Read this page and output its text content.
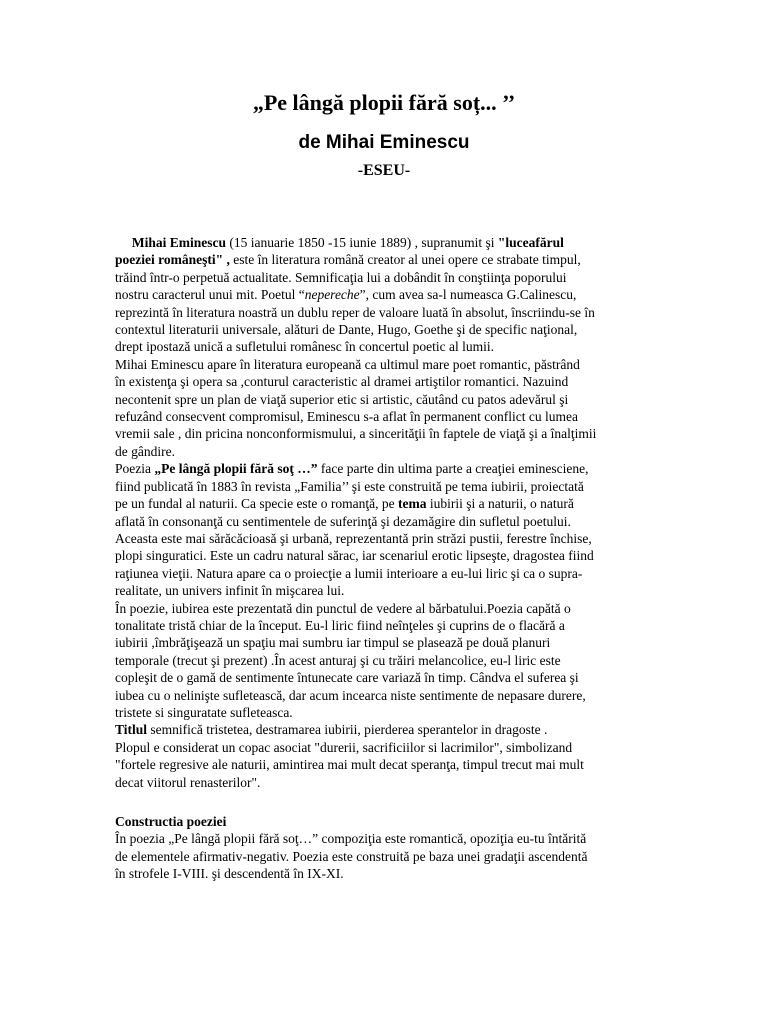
„Pe lângă plopii fără soț... ’’
de Mihai Eminescu
-ESEU-

Mihai Eminescu (15 ianuarie 1850 -15 iunie 1889) , supranumit şi "luceafărul

poeziei româneşti" , este în literatura română creator al unei opere ce strabate timpul,

trăind într-o perpetuă actualitate. Semnificaţia lui a dobândit în conştiinţa poporului

nostru caracterul unui mit. Poetul “nepereche”, cum avea sa-l numeasca G.Calinescu,

reprezintă în literatura noastră un dublu reper de valoare luată în absolut, înscriindu-se în

contextul literaturii universale, alături de Dante, Hugo, Goethe şi de specific naţional,

drept ipostază unică a sufletului românesc în concertul poetic al lumii.

Mihai Eminescu apare în literatura europeană ca ultimul mare poet romantic, păstrând

în existenţa şi opera sa ,conturul caracteristic al dramei artiştilor romantici. Nazuind

necontenit spre un plan de viaţă superior etic si artistic, căutând cu patos adevărul şi

refuzând consecvent compromisul, Eminescu s-a aflat în permanent conflict cu lumea

vremii sale , din pricina nonconformismului, a sincerităţii în faptele de viaţă şi a înalţimii

de gândire.

Poezia „Pe lângă plopii fără soţ …” face parte din ultima parte a creaţiei eminesciene,

fiind publicată în 1883 în revista „Familia’’ şi este construită pe tema iubirii, proiectată

pe un fundal al naturii. Ca specie este o romanţă, pe tema iubirii şi a naturii, o natură

aflată în consonanţă cu sentimentele de suferinţă şi dezamăgire din sufletul poetului.

Aceasta este mai sărăcăcioasă şi urbană, reprezentantă prin străzi pustii, ferestre închise,

plopi singuratici. Este un cadru natural sărac, iar scenariul erotic lipseşte, dragostea fiind

raţiunea vieţii. Natura apare ca o proiecţie a lumii interioare a eu-lui liric şi ca o supra-

realitate, un univers infinit în mişcarea lui.

În poezie, iubirea este prezentată din punctul de vedere al bărbatului.Poezia capătă o

tonalitate tristă chiar de la început. Eu-l liric fiind neînţeles şi cuprins de o flacără a

iubirii ,îmbrăţişează un spaţiu mai sumbru iar timpul se plasează pe două planuri

temporale (trecut şi prezent) .În acest anturaj şi cu trăiri melancolice, eu-l liric este

copleşit de o gamă de sentimente întunecate care variază în timp. Cândva el suferea şi

iubea cu o nelinişte sufletească, dar acum incearca niste sentimente de nepasare durere,

tristete si singuratate sufleteasca.

Titlul semnifică tristetea, destramarea iubirii, pierderea sperantelor in dragoste .

Plopul e considerat un copac asociat "durerii, sacrificiilor si lacrimilor", simbolizand

"fortele regresive ale naturii, amintirea mai mult decat speranţa, timpul trecut mai mult

decat viitorul renasterilor".

Constructia poeziei

În poezia „Pe lângă plopii fără soţ…” compoziţia este romantică, opoziţia eu-tu întărită

de elementele afirmativ-negativ. Poezia este construită pe baza unei gradaţii ascendentă

în strofele I-VIII. şi descendentă în IX-XI.
